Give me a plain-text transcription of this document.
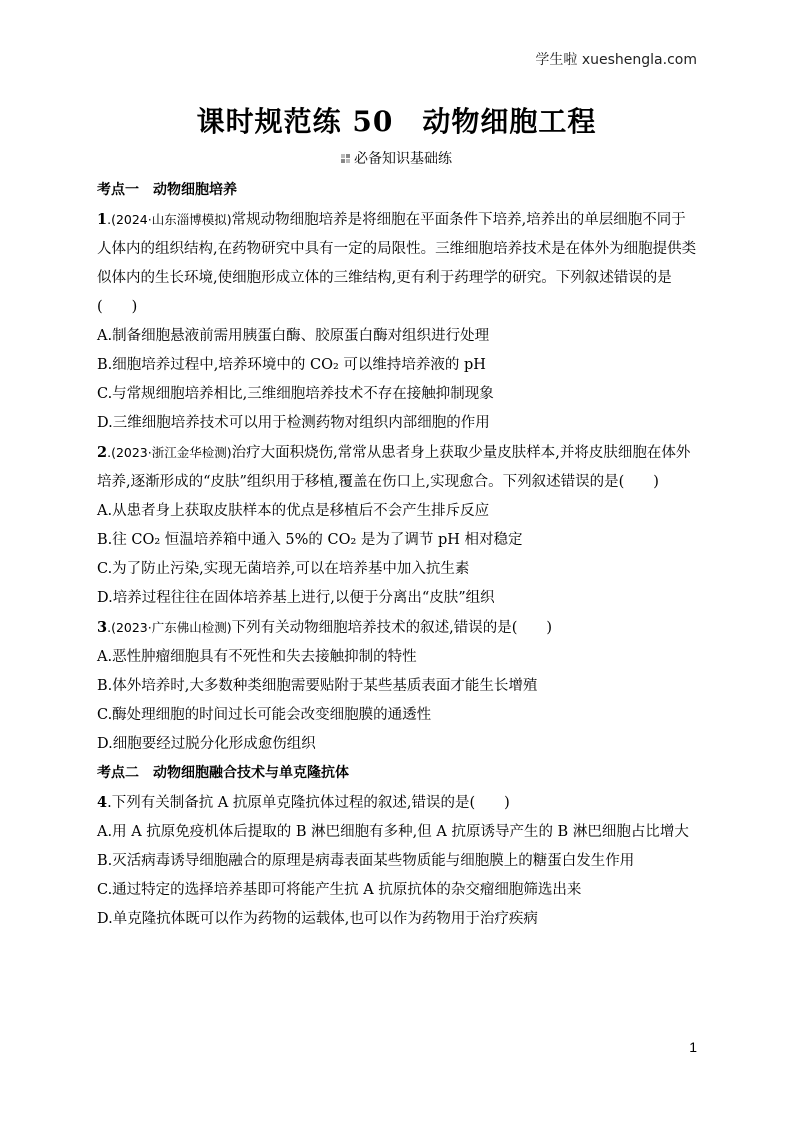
学生啦 xueshengla.com
课时规范练 50　动物细胞工程
必备知识基础练

考点一　动物细胞培养

1.(2024·山东淄博模拟)常规动物细胞培养是将细胞在平面条件下培养,培养出的单层细胞不同于人体内的组织结构,在药物研究中具有一定的局限性。三维细胞培养技术是在体外为细胞提供类似体内的生长环境,使细胞形成立体的三维结构,更有利于药理学的研究。下列叙述错误的是(　　)

A.制备细胞悬液前需用胰蛋白酶、胶原蛋白酶对组织进行处理

B.细胞培养过程中,培养环境中的 CO₂ 可以维持培养液的 pH

C.与常规细胞培养相比,三维细胞培养技术不存在接触抑制现象

D.三维细胞培养技术可以用于检测药物对组织内部细胞的作用

2.(2023·浙江金华检测)治疗大面积烧伤,常常从患者身上获取少量皮肤样本,并将皮肤细胞在体外培养,逐渐形成的“皮肤”组织用于移植,覆盖在伤口上,实现愈合。下列叙述错误的是(　　)

A.从患者身上获取皮肤样本的优点是移植后不会产生排斥反应

B.往 CO₂ 恒温培养箱中通入 5%的 CO₂ 是为了调节 pH 相对稳定

C.为了防止污染,实现无菌培养,可以在培养基中加入抗生素

D.培养过程往往在固体培养基上进行,以便于分离出“皮肤”组织

3.(2023·广东佛山检测)下列有关动物细胞培养技术的叙述,错误的是(　　)

A.恶性肿瘤细胞具有不死性和失去接触抑制的特性

B.体外培养时,大多数种类细胞需要贴附于某些基质表面才能生长增殖

C.酶处理细胞的时间过长可能会改变细胞膜的通透性

D.细胞要经过脱分化形成愈伤组织

考点二　动物细胞融合技术与单克隆抗体

4.下列有关制备抗 A 抗原单克隆抗体过程的叙述,错误的是(　　)

A.用 A 抗原免疫机体后提取的 B 淋巴细胞有多种,但 A 抗原诱导产生的 B 淋巴细胞占比增大

B.灭活病毒诱导细胞融合的原理是病毒表面某些物质能与细胞膜上的糖蛋白发生作用

C.通过特定的选择培养基即可将能产生抗 A 抗原抗体的杂交瘤细胞筛选出来

D.单克隆抗体既可以作为药物的运载体,也可以作为药物用于治疗疾病

1
